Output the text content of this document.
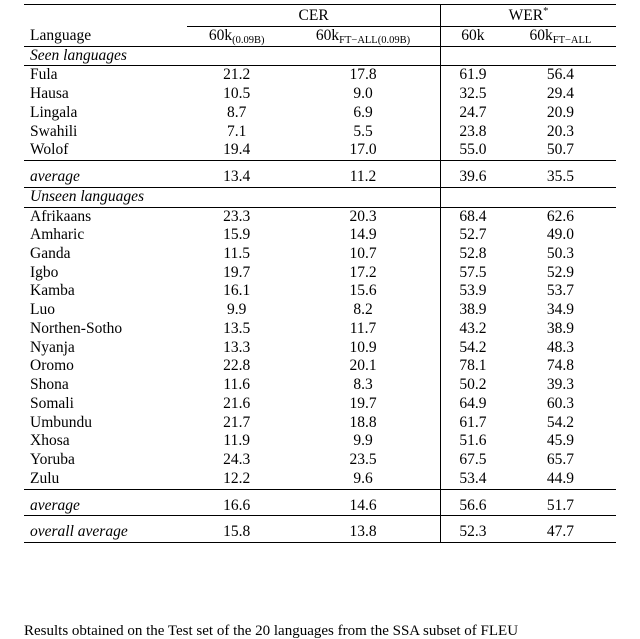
	CER		WER*
Language	60k(0.09B)	60kFT−ALL(0.09B)	60k	60kFT−ALL
Seen languages				
Fula	21.2	17.8	61.9	56.4
Hausa	10.5	9.0	32.5	29.4
Lingala	8.7	6.9	24.7	20.9
Swahili	7.1	5.5	23.8	20.3
Wolof	19.4	17.0	55.0	50.7

average	13.4	11.2	39.6	35.5
Unseen languages				
Afrikaans	23.3	20.3	68.4	62.6
Amharic	15.9	14.9	52.7	49.0
Ganda	11.5	10.7	52.8	50.3
Igbo	19.7	17.2	57.5	52.9
Kamba	16.1	15.6	53.9	53.7
Luo	9.9	8.2	38.9	34.9
Northen-Sotho	13.5	11.7	43.2	38.9
Nyanja	13.3	10.9	54.2	48.3
Oromo	22.8	20.1	78.1	74.8
Shona	11.6	8.3	50.2	39.3
Somali	21.6	19.7	64.9	60.3
Umbundu	21.7	18.8	61.7	54.2
Xhosa	11.9	9.9	51.6	45.9
Yoruba	24.3	23.5	67.5	65.7
Zulu	12.2	9.6	53.4	44.9

average	16.6	14.6	56.6	51.7

overall average	15.8	13.8	52.3	47.7
Results obtained on the Test set of the 20 languages from the SSA subset of FLEU
